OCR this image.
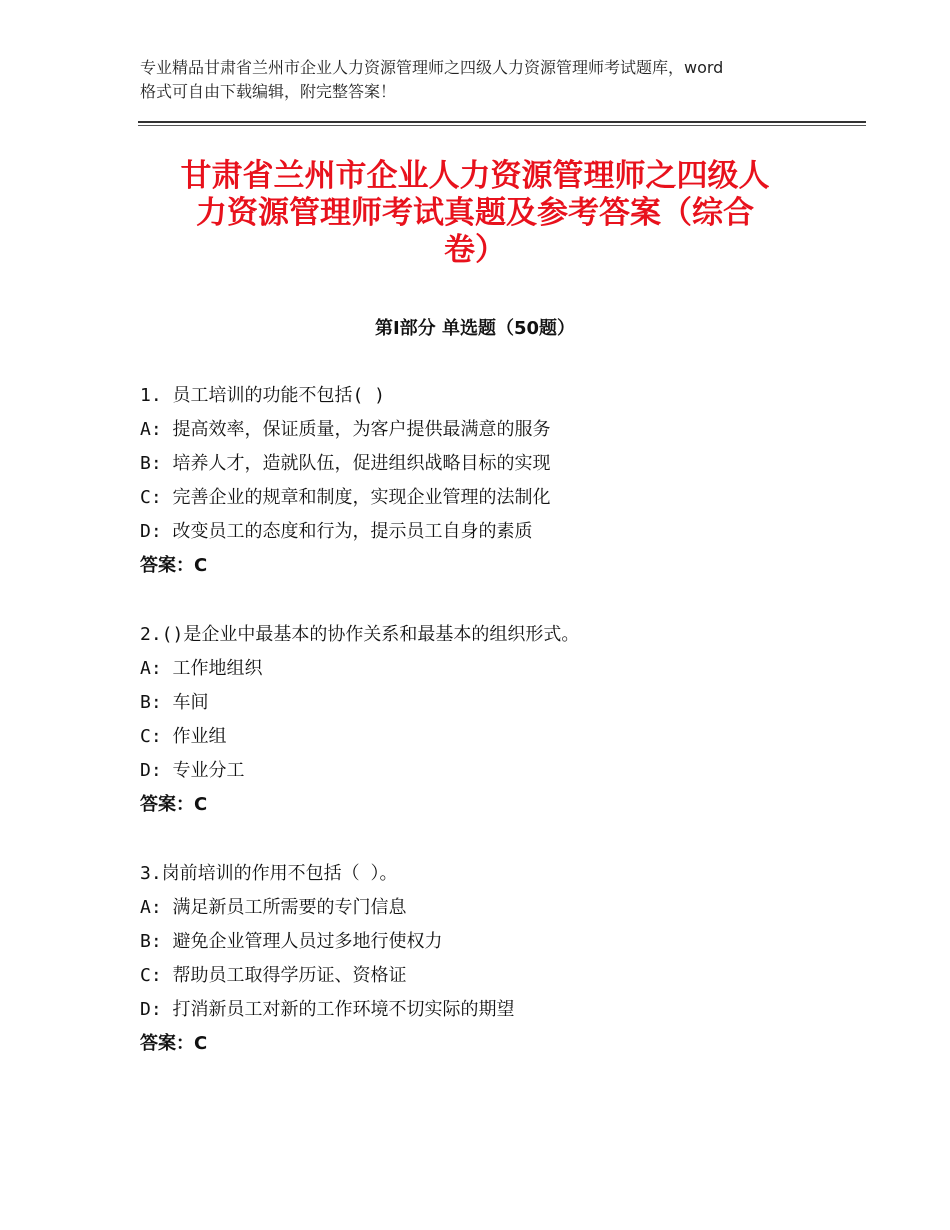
专业精品甘肃省兰州市企业人力资源管理师之四级人力资源管理师考试题库，word
格式可自由下载编辑，附完整答案！
甘肃省兰州市企业人力资源管理师之四级人
力资源管理师考试真题及参考答案（综合
卷）
第Ⅰ部分 单选题（50题）
1. 员工培训的功能不包括( )
A: 提高效率，保证质量，为客户提供最满意的服务
B: 培养人才，造就队伍，促进组织战略目标的实现
C: 完善企业的规章和制度，实现企业管理的法制化
D: 改变员工的态度和行为，提示员工自身的素质
答案：C
2.()是企业中最基本的协作关系和最基本的组织形式。
A: 工作地组织
B: 车间
C: 作业组
D: 专业分工
答案：C
3.岗前培训的作用不包括（ ）。
A: 满足新员工所需要的专门信息
B: 避免企业管理人员过多地行使权力
C: 帮助员工取得学历证、资格证
D: 打消新员工对新的工作环境不切实际的期望
答案：C
